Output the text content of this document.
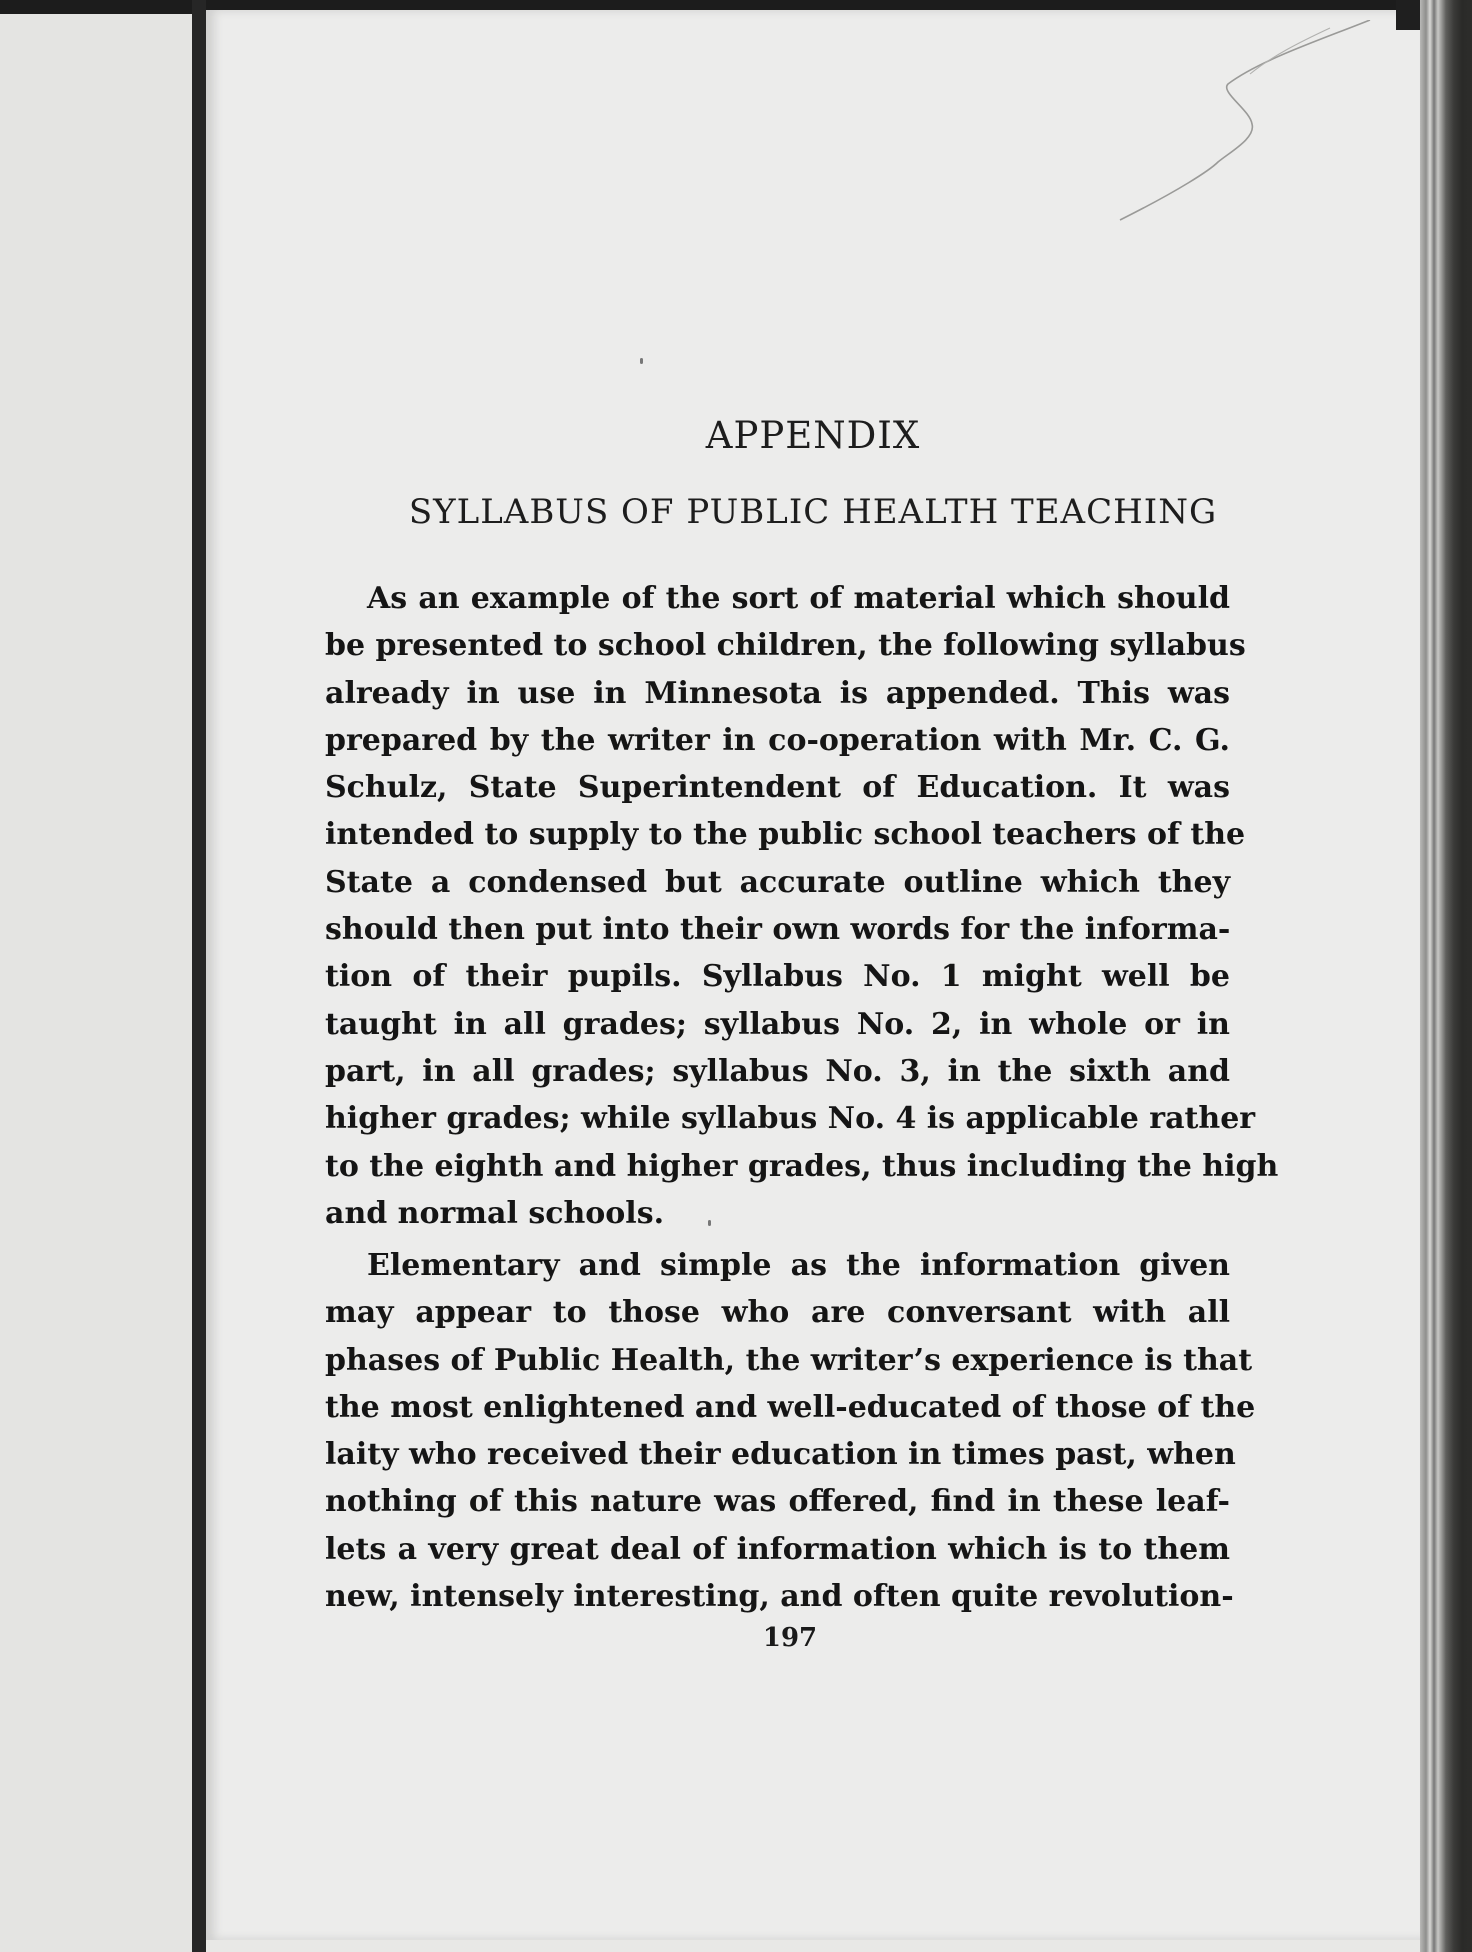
APPENDIX
SYLLABUS OF PUBLIC HEALTH TEACHING
As an example of the sort of material which should
be presented to school children, the following syllabus
already in use in Minnesota is appended. This was
prepared by the writer in co-operation with Mr. C. G.
Schulz, State Superintendent of Education. It was
intended to supply to the public school teachers of the
State a condensed but accurate outline which they
should then put into their own words for the informa-
tion of their pupils. Syllabus No. 1 might well be
taught in all grades; syllabus No. 2, in whole or in
part, in all grades; syllabus No. 3, in the sixth and
higher grades; while syllabus No. 4 is applicable rather
to the eighth and higher grades, thus including the high
and normal schools.
Elementary and simple as the information given
may appear to those who are conversant with all
phases of Public Health, the writer’s experience is that
the most enlightened and well-educated of those of the
laity who received their education in times past, when
nothing of this nature was offered, find in these leaf-
lets a very great deal of information which is to them
new, intensely interesting, and often quite revolution-

197
